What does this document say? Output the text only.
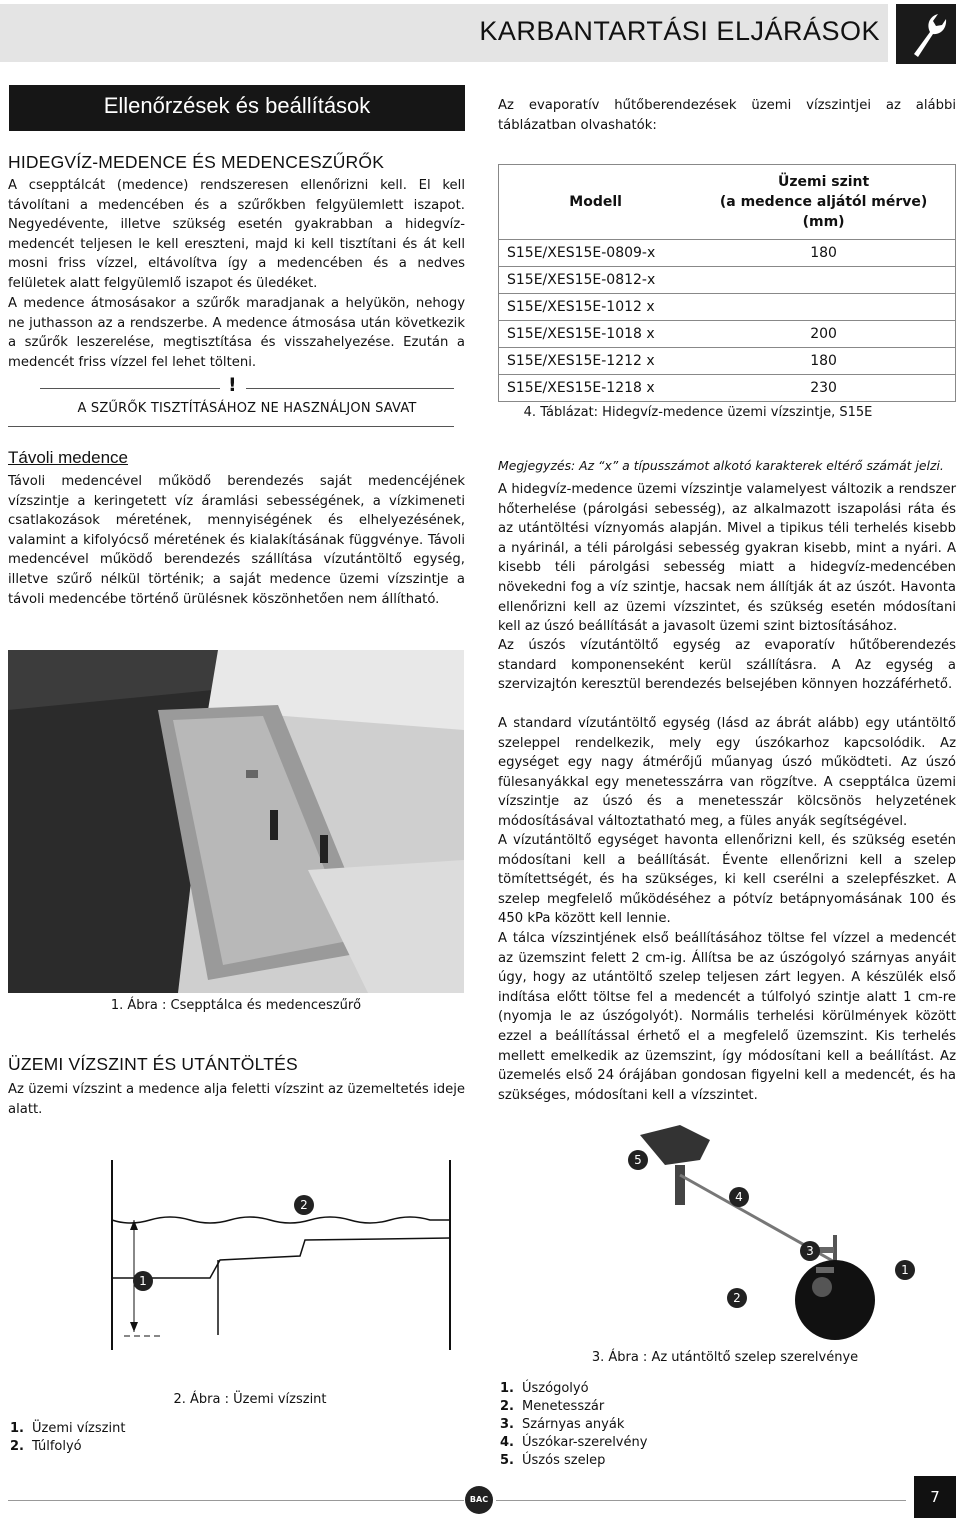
KARBANTARTÁSI ELJÁRÁSOK
Ellenőrzések és beállítások
HIDEGVÍZ-MEDENCE ÉS MEDENCESZŰRŐK

A csepptálcát (medence) rendszeresen ellenőrizni kell. El kell távolítani a medencében és a szűrőkben felgyülemlett iszapot. Negyedévente, illetve szükség esetén gyakrabban a hidegvíz-medencét teljesen le kell ereszteni, majd ki kell tisztítani és át kell mosni friss vízzel, eltávolítva így a medencében és a nedves felületek alatt felgyülemlő iszapot és üledéket.

A medence átmosásakor a szűrők maradjanak a helyükön, nehogy ne juthasson az a rendszerbe. A medence átmosása után következik a szűrők leszerelése, megtisztítása és visszahelyezése. Ezután a medencét friss vízzel fel lehet tölteni.

!
A SZŰRŐK TISZTÍTÁSÁHOZ NE HASZNÁLJON SAVAT
Távoli medence

Távoli medencével működő berendezés saját medencéjének vízszintje a keringetett víz áramlási sebességének, a vízkimeneti csatlakozások méretének, mennyiségének és elhelyezésének, valamint a kifolyócső méretének és kialakításának függvénye. Távoli medencével működő berendezés szállítása vízutántöltő egység, illetve szűrő nélkül történik; a saját medence üzemi vízszintje a távoli medencébe történő ürülésnek köszönhetően nem állítható.

1. Ábra : Csepptálca és medenceszűrő
ÜZEMI VÍZSZINT ÉS UTÁNTÖLTÉS

Az üzemi vízszint a medence alja feletti vízszint az üzemeltetés ideje alatt.

1
2
2. Ábra : Üzemi vízszint
1. Üzemi vízszint
2. Túlfolyó

Az evaporatív hűtőberendezések üzemi vízszintjei az alábbi táblázatban olvashatók:

Modell	Üzemi szint
(a medence aljától mérve)
(mm)

S15E/XES15E-0809-x	180
S15E/XES15E-0812-x	
S15E/XES15E-1012 x	
S15E/XES15E-1018 x	200
S15E/XES15E-1212 x	180
S15E/XES15E-1218 x	230
4. Táblázat: Hidegvíz-medence üzemi vízszintje, S15E

Megjegyzés: Az “x” a típusszámot alkotó karakterek eltérő számát jelzi.

A hidegvíz-medence üzemi vízszintje valamelyest változik a rendszer hőterhelése (párolgási sebesség), az alkalmazott iszapolási ráta és az utántöltési víznyomás alapján. Mivel a tipikus téli terhelés kisebb a nyárinál, a téli párolgási sebesség gyakran kisebb, mint a nyári. A kisebb téli párolgási sebesség miatt a hidegvíz-medencében növekedni fog a víz szintje, hacsak nem állítják át az úszót. Havonta ellenőrizni kell az üzemi vízszintet, és szükség esetén módosítani kell az úszó beállítását a javasolt üzemi szint biztosításához.

Az úszós vízutántöltő egység az evaporatív hűtőberendezés standard komponenseként kerül szállításra. A Az egység a szervizajtón keresztül berendezés belsejében könnyen hozzáférhető.

A standard vízutántöltő egység (lásd az ábrát alább) egy utántöltő szeleppel rendelkezik, mely egy úszókarhoz kapcsolódik. Az egységet egy nagy átmérőjű műanyag úszó működteti. Az úszó fülesanyákkal egy menetesszárra van rögzítve. A csepptálca üzemi vízszintje az úszó és a menetesszár kölcsönös helyzetének módosításával változtatható meg, a füles anyák segítségével.

A vízutántöltő egységet havonta ellenőrizni kell, és szükség esetén módosítani kell a beállítását. Évente ellenőrizni kell a szelep tömítettségét, és ha szükséges, ki kell cserélni a szelepfészket. A szelep megfelelő működéséhez a pótvíz betápnyomásának 100 és 450 kPa között kell lennie.

A tálca vízszintjének első beállításához töltse fel vízzel a medencét az üzemszint felett 2 cm-ig. Állítsa be az úszógolyó szárnyas anyáit úgy, hogy az utántöltő szelep teljesen zárt legyen. A készülék első indítása előtt töltse fel a medencét a túlfolyó szintje alatt 1 cm-re (nyomja le az úszógolyót). Normális terhelési körülmények között ezzel a beállítással érhető el a megfelelő üzemszint. Kis terhelés mellett emelkedik az üzemszint, így módosítani kell a beállítást. Az üzemelés első 24 órájában gondosan figyelni kell a medencét, és ha szükséges, módosítani kell a vízszintet.

5
4
3
2
1
3. Ábra : Az utántöltő szelep szerelvénye
1. Úszógolyó
2. Menetesszár
3. Szárnyas anyák
4. Úszókar-szerelvény
5. Úszós szelep
BAC	7
